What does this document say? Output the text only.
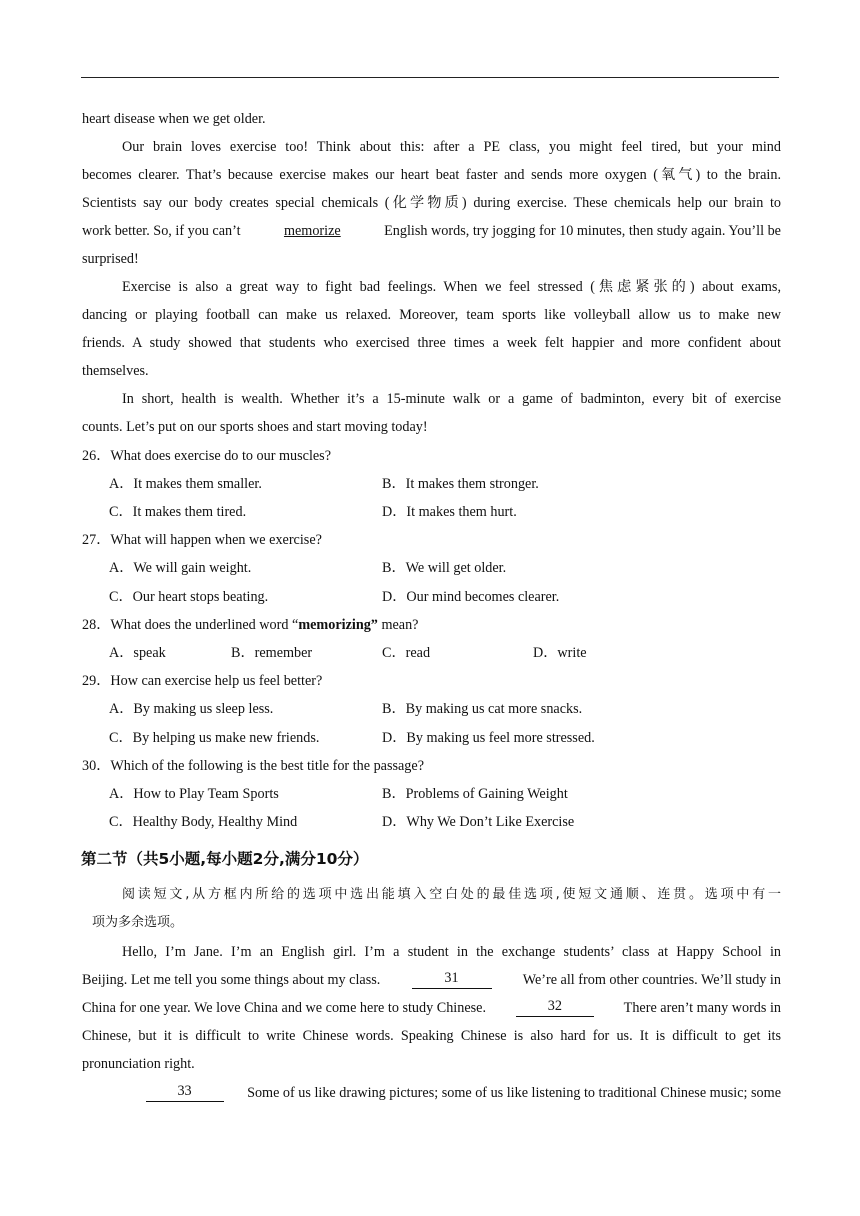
heart disease when we get older.
Our brain loves exercise too! Think about this: after a PE class, you might feel tired, but your mind
becomes clearer. That’s because exercise makes our heart beat faster and sends more oxygen (氧气) to the brain.
Scientists say our body creates special chemicals (化学物质) during exercise. These chemicals help our brain to
work better. So, if you can’t	memorize	English words, try jogging for 10 minutes, then study again. You’ll be
surprised!
Exercise is also a great way to fight bad feelings. When we feel stressed (焦虑紧张的) about exams,
dancing or playing football can make us relaxed. Moreover, team sports like volleyball allow us to make new
friends. A study showed that students who exercised three times a week felt happier and more confident about
themselves.
In short, health is wealth. Whether it’s a 15-minute walk or a game of badminton, every bit of exercise
counts. Let’s put on our sports shoes and start moving today!
26．What does exercise do to our muscles?
A．It makes them smaller.	B．It makes them stronger.
C．It makes them tired.	D．It makes them hurt.
27．What will happen when we exercise?
A．We will gain weight.	B．We will get older.
C．Our heart stops beating.	D．Our mind becomes clearer.
28．What does the underlined word “memorizing” mean?
A．speak	B．remember	C．read	D．write
29．How can exercise help us feel better?
A．By making us sleep less.	B．By making us cat more snacks.
C．By helping us make new friends.	D．By making us feel more stressed.
30．Which of the following is the best title for the passage?
A．How to Play Team Sports	B．Problems of Gaining Weight
C．Healthy Body, Healthy Mind	D．Why We Don’t Like Exercise
第二节（共5小题,每小题2分,满分10分）
阅读短文,从方框内所给的选项中选出能填入空白处的最佳选项,使短文通顺、连贯。选项中有一
项为多余选项。
Hello, I’m Jane. I’m an English girl. I’m a student in the exchange students’ class at Happy School in
Beijing. Let me tell you some things about my class.	31	We’re all from other countries. We’ll study in
China for one year. We love China and we come here to study Chinese.	32	There aren’t many words in
Chinese, but it is difficult to write Chinese words. Speaking Chinese is also hard for us. It is difficult to get its
pronunciation right.
33	Some of us like drawing pictures; some of us like listening to traditional Chinese music; some
